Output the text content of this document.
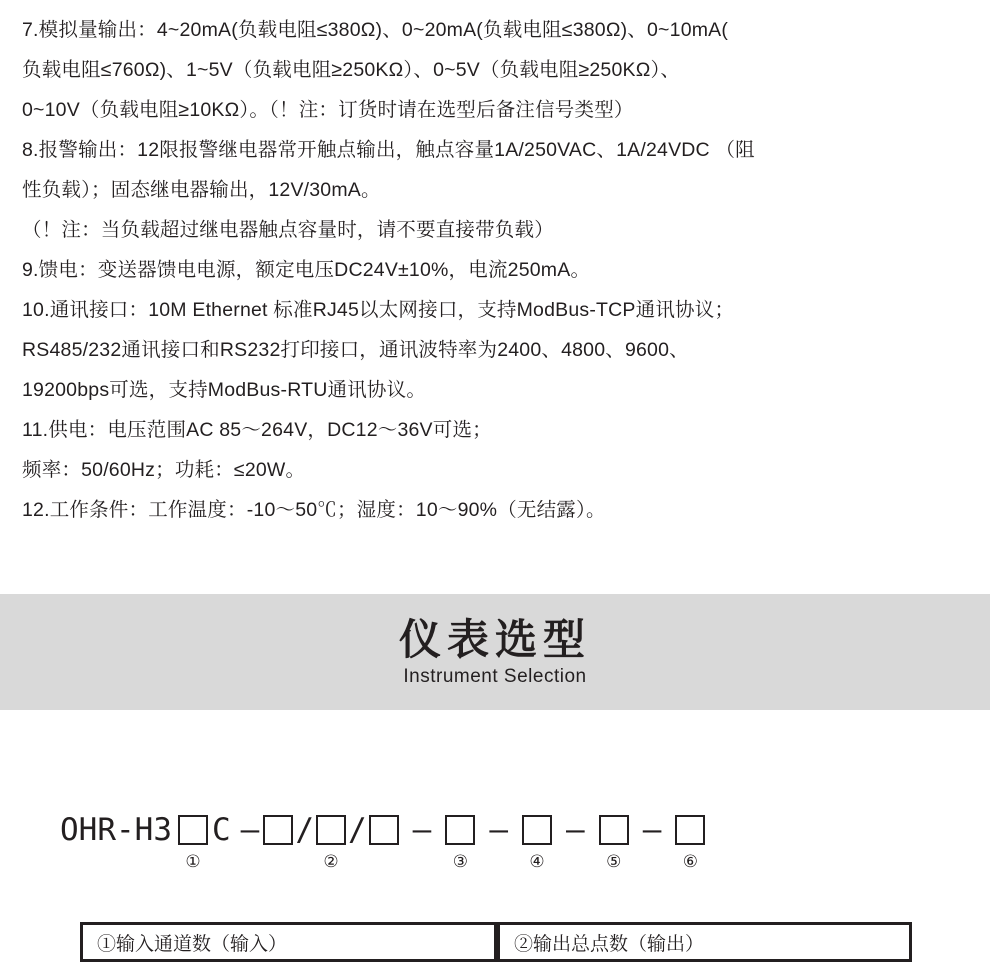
7.模拟量输出：4~20mA(负载电阻≤380Ω)、0~20mA(负载电阻≤380Ω)、0~10mA(

负载电阻≤760Ω)、1~5V（负载电阻≥250KΩ）、0~5V（负载电阻≥250KΩ）、

0~10V（负载电阻≥10KΩ）。（！注：订货时请在选型后备注信号类型）

8.报警输出：12限报警继电器常开触点输出，触点容量1A/250VAC、1A/24VDC （阻

性负载）；固态继电器输出，12V/30mA。

（！注：当负载超过继电器触点容量时，请不要直接带负载）

9.馈电：变送器馈电电源，额定电压DC24V±10%，电流250mA。

10.通讯接口：10M Ethernet 标准RJ45以太网接口，支持ModBus-TCP通讯协议；

RS485/232通讯接口和RS232打印接口，通讯波特率为2400、4800、9600、

19200bps可选，支持ModBus-RTU通讯协议。

11.供电：电压范围AC 85～264V，DC12～36V可选；

频率：50/60Hz；功耗：≤20W。

12.工作条件：工作温度：-10～50℃；湿度：10～90%（无结露）。

仪表选型
Instrument Selection
OHR-H3
①
C — /
②
/	—
③
—
④
—
⑤
—
⑥
①输入通道数（输入）	②输出总点数（输出）
